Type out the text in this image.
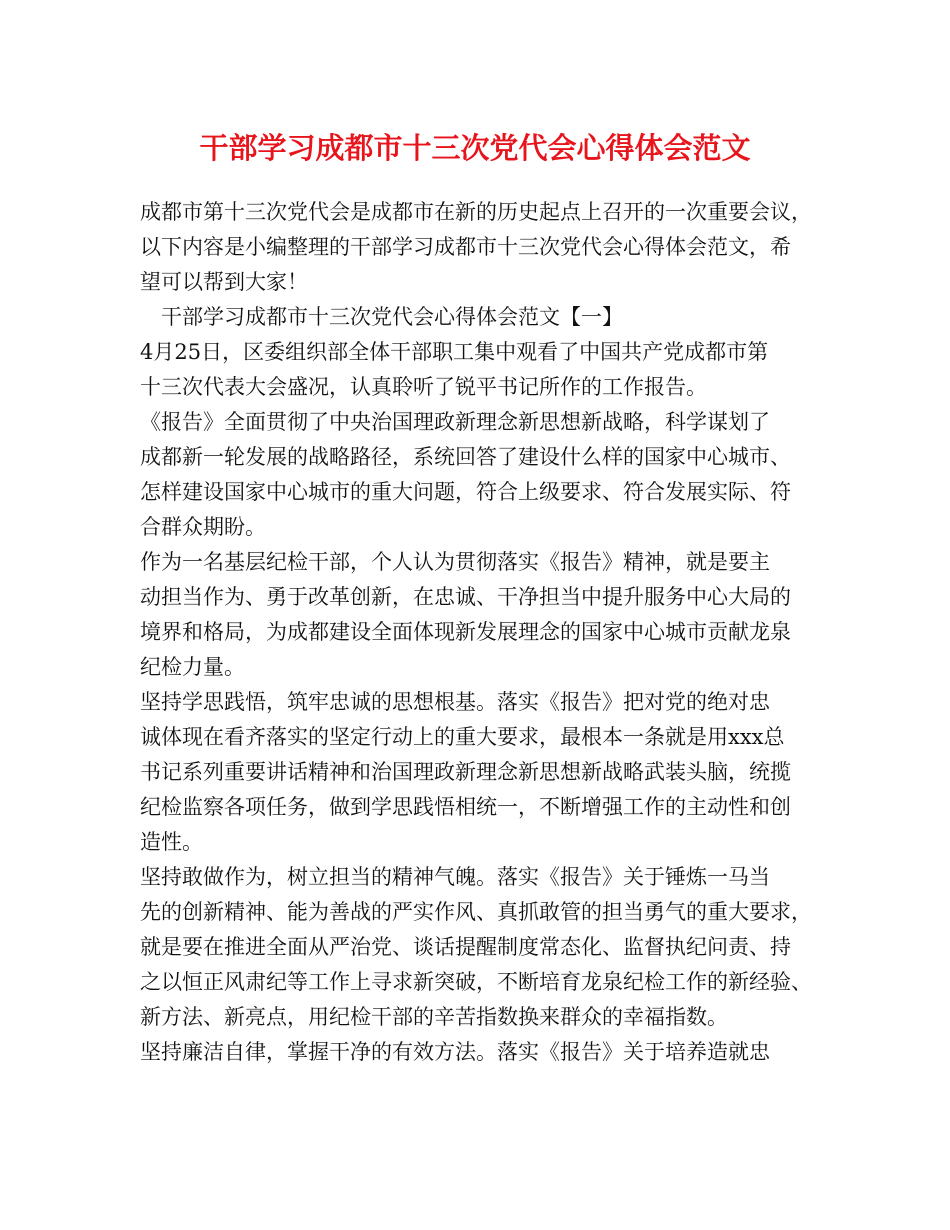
干部学习成都市十三次党代会心得体会范文
成都市第十三次党代会是成都市在新的历史起点上召开的一次重要会议，
以下内容是小编整理的干部学习成都市十三次党代会心得体会范文，希
望可以帮到大家！
　干部学习成都市十三次党代会心得体会范文【一】
4月25日，区委组织部全体干部职工集中观看了中国共产党成都市第
十三次代表大会盛况，认真聆听了锐平书记所作的工作报告。
《报告》全面贯彻了中央治国理政新理念新思想新战略，科学谋划了
成都新一轮发展的战略路径，系统回答了建设什么样的国家中心城市、
怎样建设国家中心城市的重大问题，符合上级要求、符合发展实际、符
合群众期盼。
作为一名基层纪检干部，个人认为贯彻落实《报告》精神，就是要主
动担当作为、勇于改革创新，在忠诚、干净担当中提升服务中心大局的
境界和格局，为成都建设全面体现新发展理念的国家中心城市贡献龙泉
纪检力量。
坚持学思践悟，筑牢忠诚的思想根基。落实《报告》把对党的绝对忠
诚体现在看齐落实的坚定行动上的重大要求，最根本一条就是用xxx总
书记系列重要讲话精神和治国理政新理念新思想新战略武装头脑，统揽
纪检监察各项任务，做到学思践悟相统一，不断增强工作的主动性和创
造性。
坚持敢做作为，树立担当的精神气魄。落实《报告》关于锤炼一马当
先的创新精神、能为善战的严实作风、真抓敢管的担当勇气的重大要求，
就是要在推进全面从严治党、谈话提醒制度常态化、监督执纪问责、持
之以恒正风肃纪等工作上寻求新突破，不断培育龙泉纪检工作的新经验、
新方法、新亮点，用纪检干部的辛苦指数换来群众的幸福指数。
坚持廉洁自律，掌握干净的有效方法。落实《报告》关于培养造就忠
